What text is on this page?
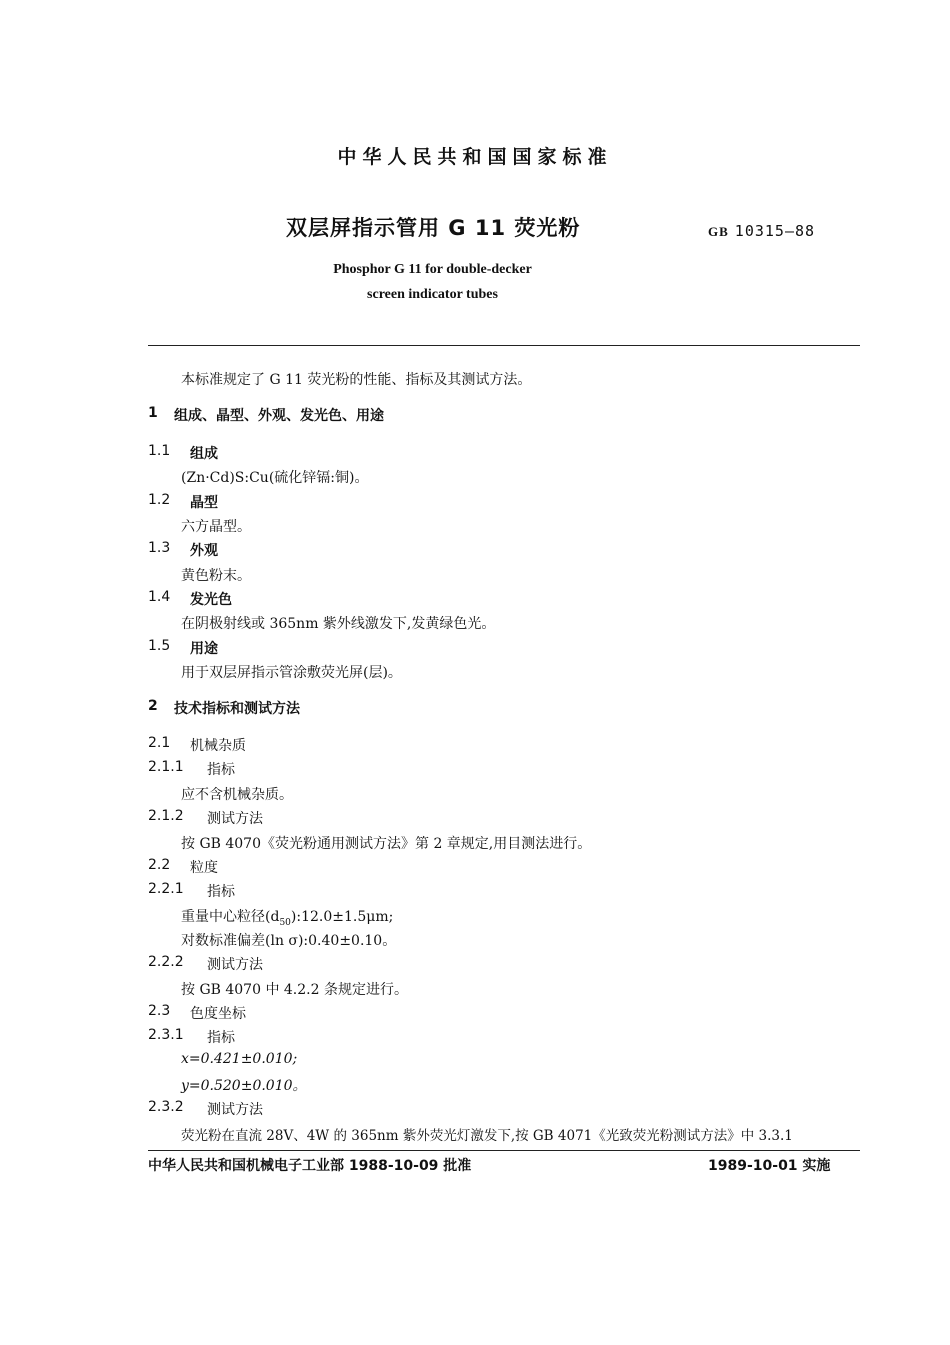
中华人民共和国国家标准
双层屏指示管用 G 11 荧光粉	GB 10315—88
Phosphor G 11 for double-decker
screen indicator tubes
本标准规定了 G 11 荧光粉的性能、指标及其测试方法。
1 组成、晶型、外观、发光色、用途
1.1 组成
(Zn·Cd)S:Cu(硫化锌镉:铜)。
1.2 晶型
六方晶型。
1.3 外观
黄色粉末。
1.4 发光色
在阴极射线或 365nm 紫外线激发下,发黄绿色光。
1.5 用途
用于双层屏指示管涂敷荧光屏(层)。
2 技术指标和测试方法
2.1 机械杂质
2.1.1 指标
应不含机械杂质。
2.1.2 测试方法
按 GB 4070《荧光粉通用测试方法》第 2 章规定,用目测法进行。
2.2 粒度
2.2.1 指标
重量中心粒径$(d_{50}):12.0\pm 1.5\mu m$;
对数标准偏差(ln σ):0.40±0.10。
2.2.2 测试方法
按 GB 4070 中 4.2.2 条规定进行。
2.3 色度坐标
2.3.1 指标
x=0.421±0.010;
y=0.520±0.010。
2.3.2 测试方法
荧光粉在直流 28V、4W 的 365nm 紫外荧光灯激发下,按 GB 4071《光致荧光粉测试方法》中 3.3.1
中华人民共和国机械电子工业部 1988-10-09 批准	1989-10-01 实施
